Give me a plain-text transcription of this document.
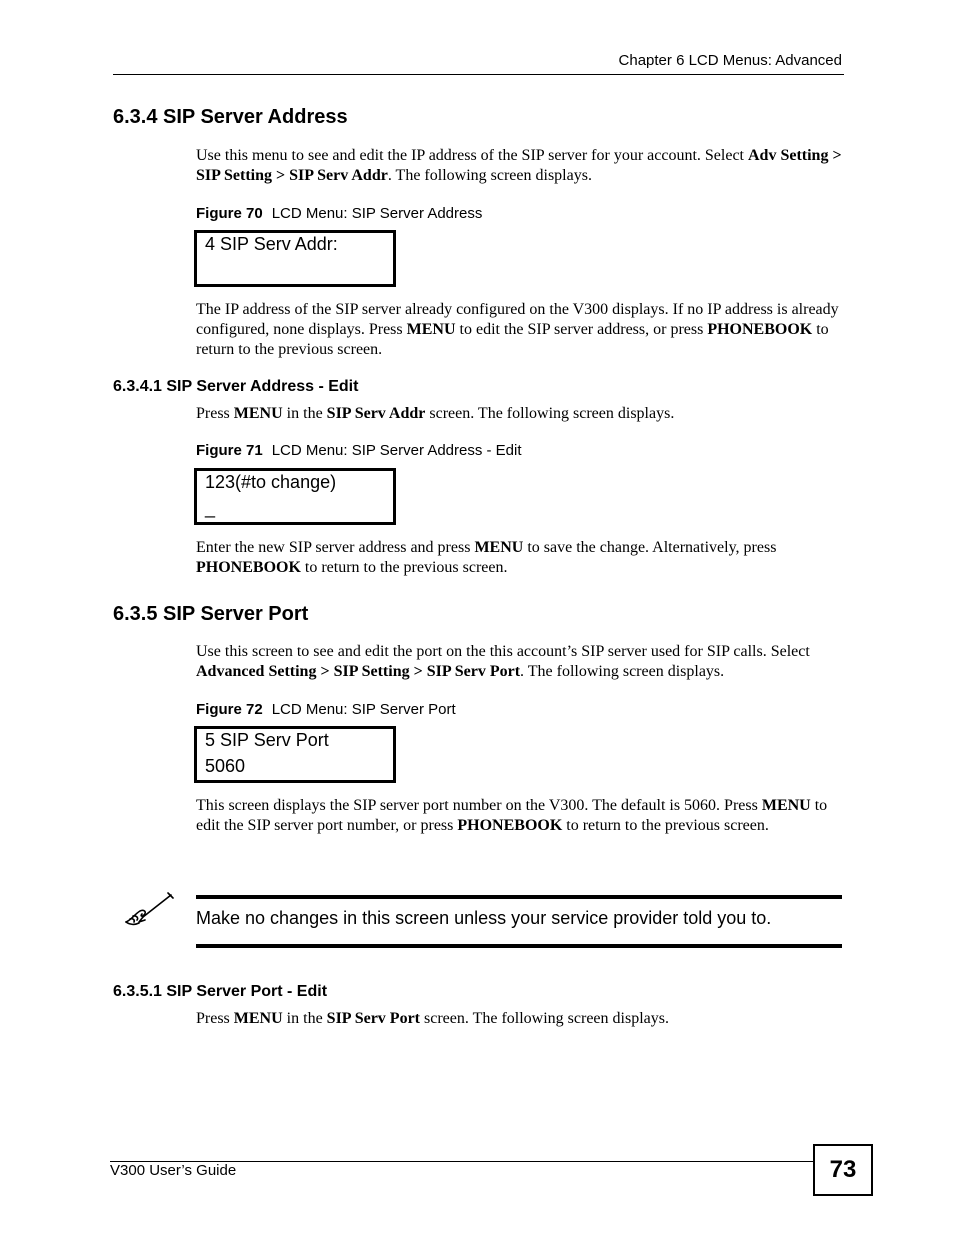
Chapter 6 LCD Menus: Advanced
6.3.4 SIP Server Address
Use this menu to see and edit the IP address of the SIP server for your account. Select Adv Setting > SIP Setting > SIP Serv Addr. The following screen displays.
Figure 70 LCD Menu: SIP Server Address
4 SIP Serv Addr:
The IP address of the SIP server already configured on the V300 displays. If no IP address is already configured, none displays. Press MENU to edit the SIP server address, or press PHONEBOOK to return to the previous screen.
6.3.4.1 SIP Server Address - Edit
Press MENU in the SIP Serv Addr screen. The following screen displays.
Figure 71 LCD Menu: SIP Server Address - Edit
123(#to change)
_
Enter the new SIP server address and press MENU to save the change. Alternatively, press PHONEBOOK to return to the previous screen.
6.3.5 SIP Server Port
Use this screen to see and edit the port on the this account’s SIP server used for SIP calls. Select Advanced Setting > SIP Setting > SIP Serv Port. The following screen displays.
Figure 72 LCD Menu: SIP Server Port
5 SIP Serv Port
5060
This screen displays the SIP server port number on the V300. The default is 5060. Press MENU to edit the SIP server port number, or press PHONEBOOK to return to the previous screen.
Make no changes in this screen unless your service provider told you to.
6.3.5.1 SIP Server Port - Edit
Press MENU in the SIP Serv Port screen. The following screen displays.
V300 User’s Guide	73
